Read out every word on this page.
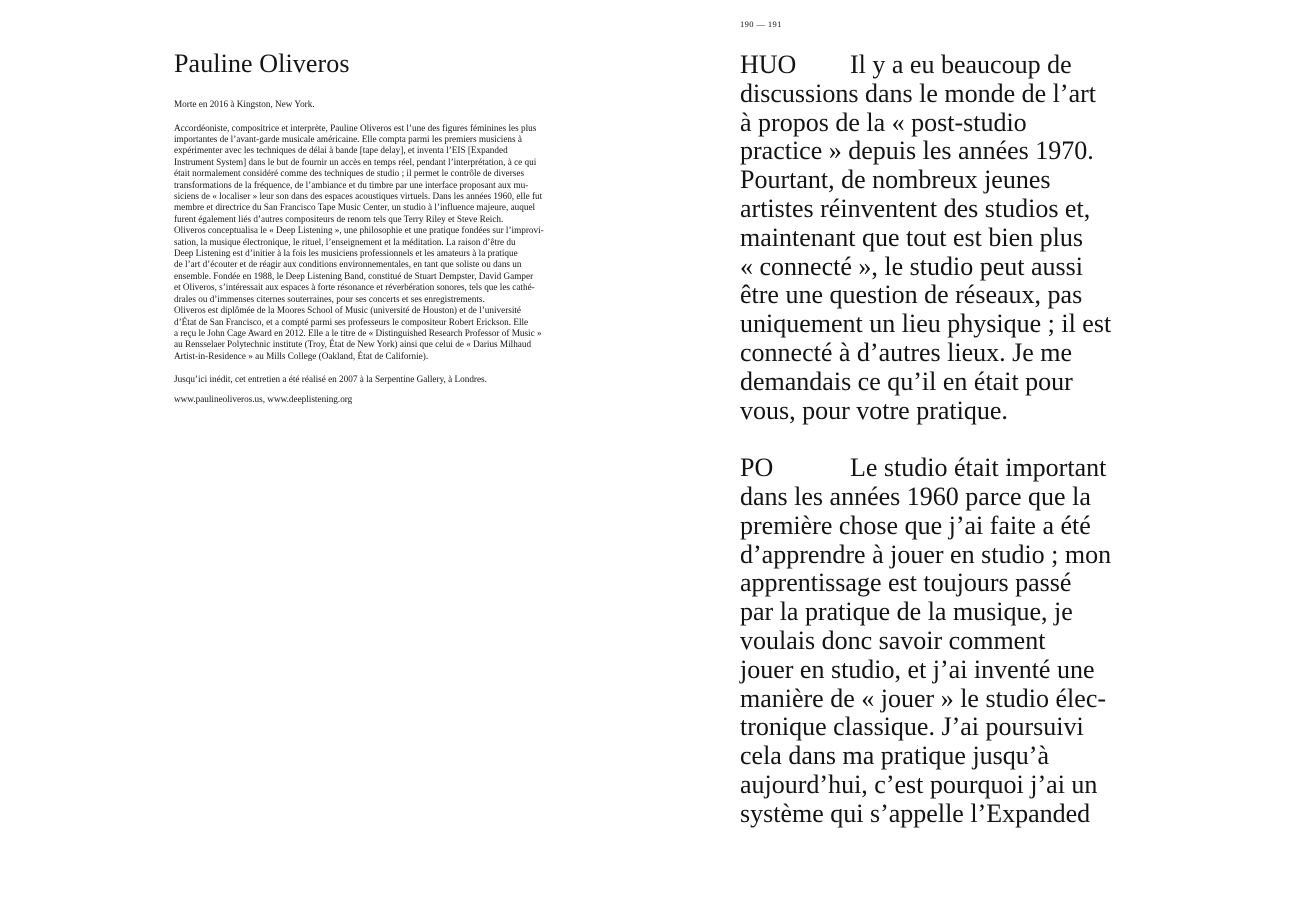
Pauline Oliveros

Morte en 2016 à Kingston, New York.

Accordéoniste, compositrice et interprète, Pauline Oliveros est l’une des figures féminines les plus
importantes de l’avant-garde musicale américaine. Elle compta parmi les premiers musiciens à
expérimenter avec les techniques de délai à bande [tape delay], et inventa l’EIS [Expanded
Instrument System] dans le but de fournir un accès en temps réel, pendant l’interprétation, à ce qui
était normalement considéré comme des techniques de studio ; il permet le contrôle de diverses
transformations de la fréquence, de l’ambiance et du timbre par une interface proposant aux mu-
siciens de « localiser » leur son dans des espaces acoustiques virtuels. Dans les années 1960, elle fut
membre et directrice du San Francisco Tape Music Center, un studio à l’influence majeure, auquel
furent également liés d’autres compositeurs de renom tels que Terry Riley et Steve Reich.
Oliveros conceptualisa le « Deep Listening », une philosophie et une pratique fondées sur l’improvi-
sation, la musique électronique, le rituel, l’enseignement et la méditation. La raison d’être du
Deep Listening est d’initier à la fois les musiciens professionnels et les amateurs à la pratique
de l’art d’écouter et de réagir aux conditions environnementales, en tant que soliste ou dans un
ensemble. Fondée en 1988, le Deep Listening Band, constitué de Stuart Dempster, David Gamper
et Oliveros, s’intéressait aux espaces à forte résonance et réverbération sonores, tels que les cathé-
drales ou d’immenses citernes souterraines, pour ses concerts et ses enregistrements.
Oliveros est diplômée de la Moores School of Music (université de Houston) et de l’université
d’État de San Francisco, et a compté parmi ses professeurs le compositeur Robert Erickson. Elle
a reçu le John Cage Award en 2012. Elle a le titre de « Distinguished Research Professor of Music »
au Rensselaer Polytechnic institute (Troy, État de New York) ainsi que celui de « Darius Milhaud
Artist-in-Residence » au Mills College (Oakland, État de Californie).

Jusqu’ici inédit, cet entretien a été réalisé en 2007 à la Serpentine Gallery, à Londres.

www.paulineoliveros.us, www.deeplistening.org

190 — 191

HUO Il y a eu beaucoup de
discussions dans le monde de l’art
à propos de la « post-studio
practice » depuis les années 1970.
Pourtant, de nombreux jeunes
artistes réinventent des studios et,
maintenant que tout est bien plus
« connecté », le studio peut aussi
être une question de réseaux, pas
uniquement un lieu physique ; il est
connecté à d’autres lieux. Je me
demandais ce qu’il en était pour
vous, pour votre pratique.

PO	Le studio était important
dans les années 1960 parce que la
première chose que j’ai faite a été
d’apprendre à jouer en studio ; mon
apprentissage est toujours passé
par la pratique de la musique, je
voulais donc savoir comment
jouer en studio, et j’ai inventé une
manière de « jouer » le studio élec-
tronique classique. J’ai poursuivi
cela dans ma pratique jusqu’à
aujourd’hui, c’est pourquoi j’ai un
système qui s’appelle l’Expanded
